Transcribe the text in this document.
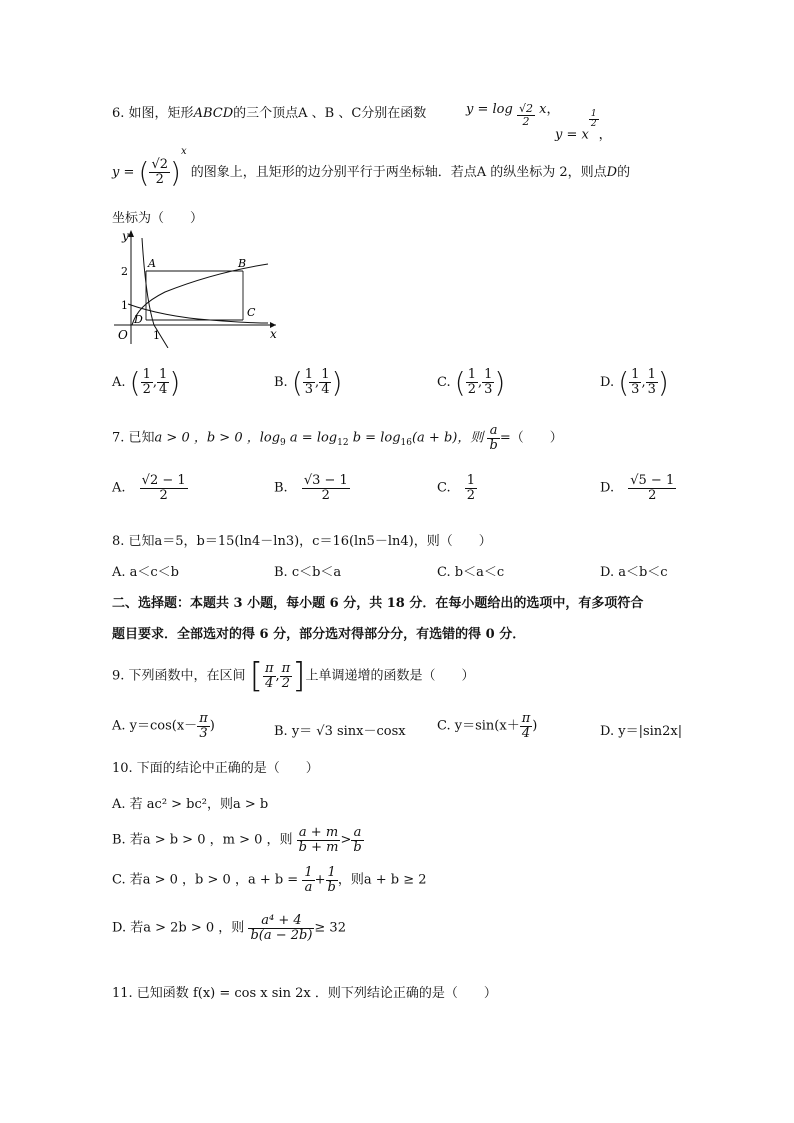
6. 如图，矩形ABCD的三个顶点A 、B 、C分别在函数	$y = \log \frac{√2}{2}$ x，
y = x
$\frac{1}{2}$
，
y = ( $\frac{√2}{2} )^x$ 的图象上，且矩形的边分别平行于两坐标轴．若点A 的纵坐标为 2，则点D的
坐标为（　　）
y
x
O
A	B
C
D
2
1
1
A. ( $\frac{1}{2}$ , $\frac{1}{4}$ )	B. ( $\frac{1}{3}$ , $\frac{1}{4}$ )	C. ( $\frac{1}{2}$ , $\frac{1}{3}$ )	D. ( $\frac{1}{3}$ , $\frac{1}{3}$ )
7. 已知a > 0 ，b > 0 ，$\log_9 a = \log_{12} b = \log_{16}(a + b)$，则 $\frac{a}{b}$ =（　　）
A. $\frac{√2 - 1}{2}$	B. $\frac{√3 - 1}{2}$	C. $\frac{1}{2}$	D. $\frac{√5 - 1}{2}$
8. 已知a＝5，b＝15(ln4－ln3)，c＝16(ln5－ln4)，则（　　）
A. a＜c＜b	B. c＜b＜a	C. b＜a＜c	D. a＜b＜c
二、选择题：本题共 3 小题，每小题 6 分，共 18 分．在每小题给出的选项中，有多项符合
题目要求．全部选对的得 6 分，部分选对得部分分，有选错的得 0 分．
9. 下列函数中，在区间 [ $\frac{\pi}{4}$ , $\frac{\pi}{2}$ ]上单调递增的函数是（　　）
A. $y=\cos(x- \frac{\pi}{3}$ )	B. y＝ √3 sinx－cosx C. $y=\sin(x+ \frac{\pi}{4}$ )	D. y＝|sin2x|
10. 下面的结论中正确的是（　　）
A. 若 ac² > bc²，则a > b
B. 若a > b > 0 ，m > 0 ，则 $\frac{a + m}{b + m} > \frac{a}{b}$
C. 若a > 0 ，b > 0 ，$a + b = \frac{1}{a} + \frac{1}{b}$ ，则a + b ≥ 2
D. 若a > 2b > 0 ，则 $\frac{\text{a⁴ + 4}}{b(a - 2b)} \ge 32$
11. 已知函数 f(x) = cos x sin 2x ．则下列结论正确的是（　　）
